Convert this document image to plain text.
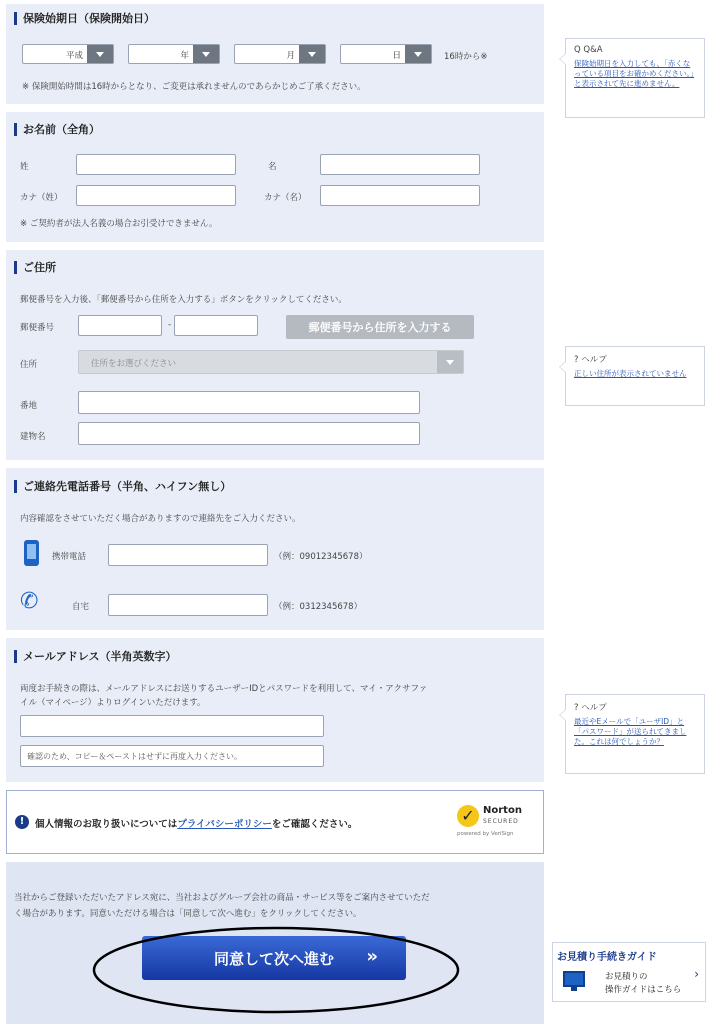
保険始期日（保険開始日）
平成	年	月	日	16時から※
※ 保険開始時間は16時からとなり、ご変更は承れませんのであらかじめご了承ください。
お名前（全角）
姓	名
カナ（姓）	カナ（名）
※ ご契約者が法人名義の場合お引受けできません。
ご住所
郵便番号を入力後、「郵便番号から住所を入力する」ボタンをクリックしてください。
郵便番号	-	郵便番号から住所を入力する
住所	住所をお選びください
番地
建物名
ご連絡先電話番号（半角、ハイフン無し）
内容確認をさせていただく場合がありますので連絡先をご入力ください。
携帯電話	（例：09012345678）
✆	自宅	（例：0312345678）
メールアドレス（半角英数字）
両度お手続きの際は、メールアドレスにお送りするユーザーIDとパスワードを利用して、マイ・アクサファ
イル（マイページ）よりログインいただけます。
確認のため、コピー＆ペーストはせずに再度入力ください。
!	個人情報のお取り扱いについてはプライバシーポリシーをご確認ください。	✓ Norton
SECURED
powered by VeriSign
当社からご登録いただいたアドレス宛に、当社およびグループ会社の商品・サービス等をご案内させていただ
く場合があります。同意いただける場合は「同意して次へ進む」をクリックしてください。
同意して次へ進む »
Q Q&A
保険始期日を入力しても、「赤くなっている項目をお確かめください。」と表示されて先に進めません。
? ヘルプ
正しい住所が表示されていません
? ヘルプ
最近やEメールで「ユーザID」と「パスワード」が送られてきました。これは何でしょうか？
お見積り手続きガイド
お見積りの
操作ガイドはこちら
›
